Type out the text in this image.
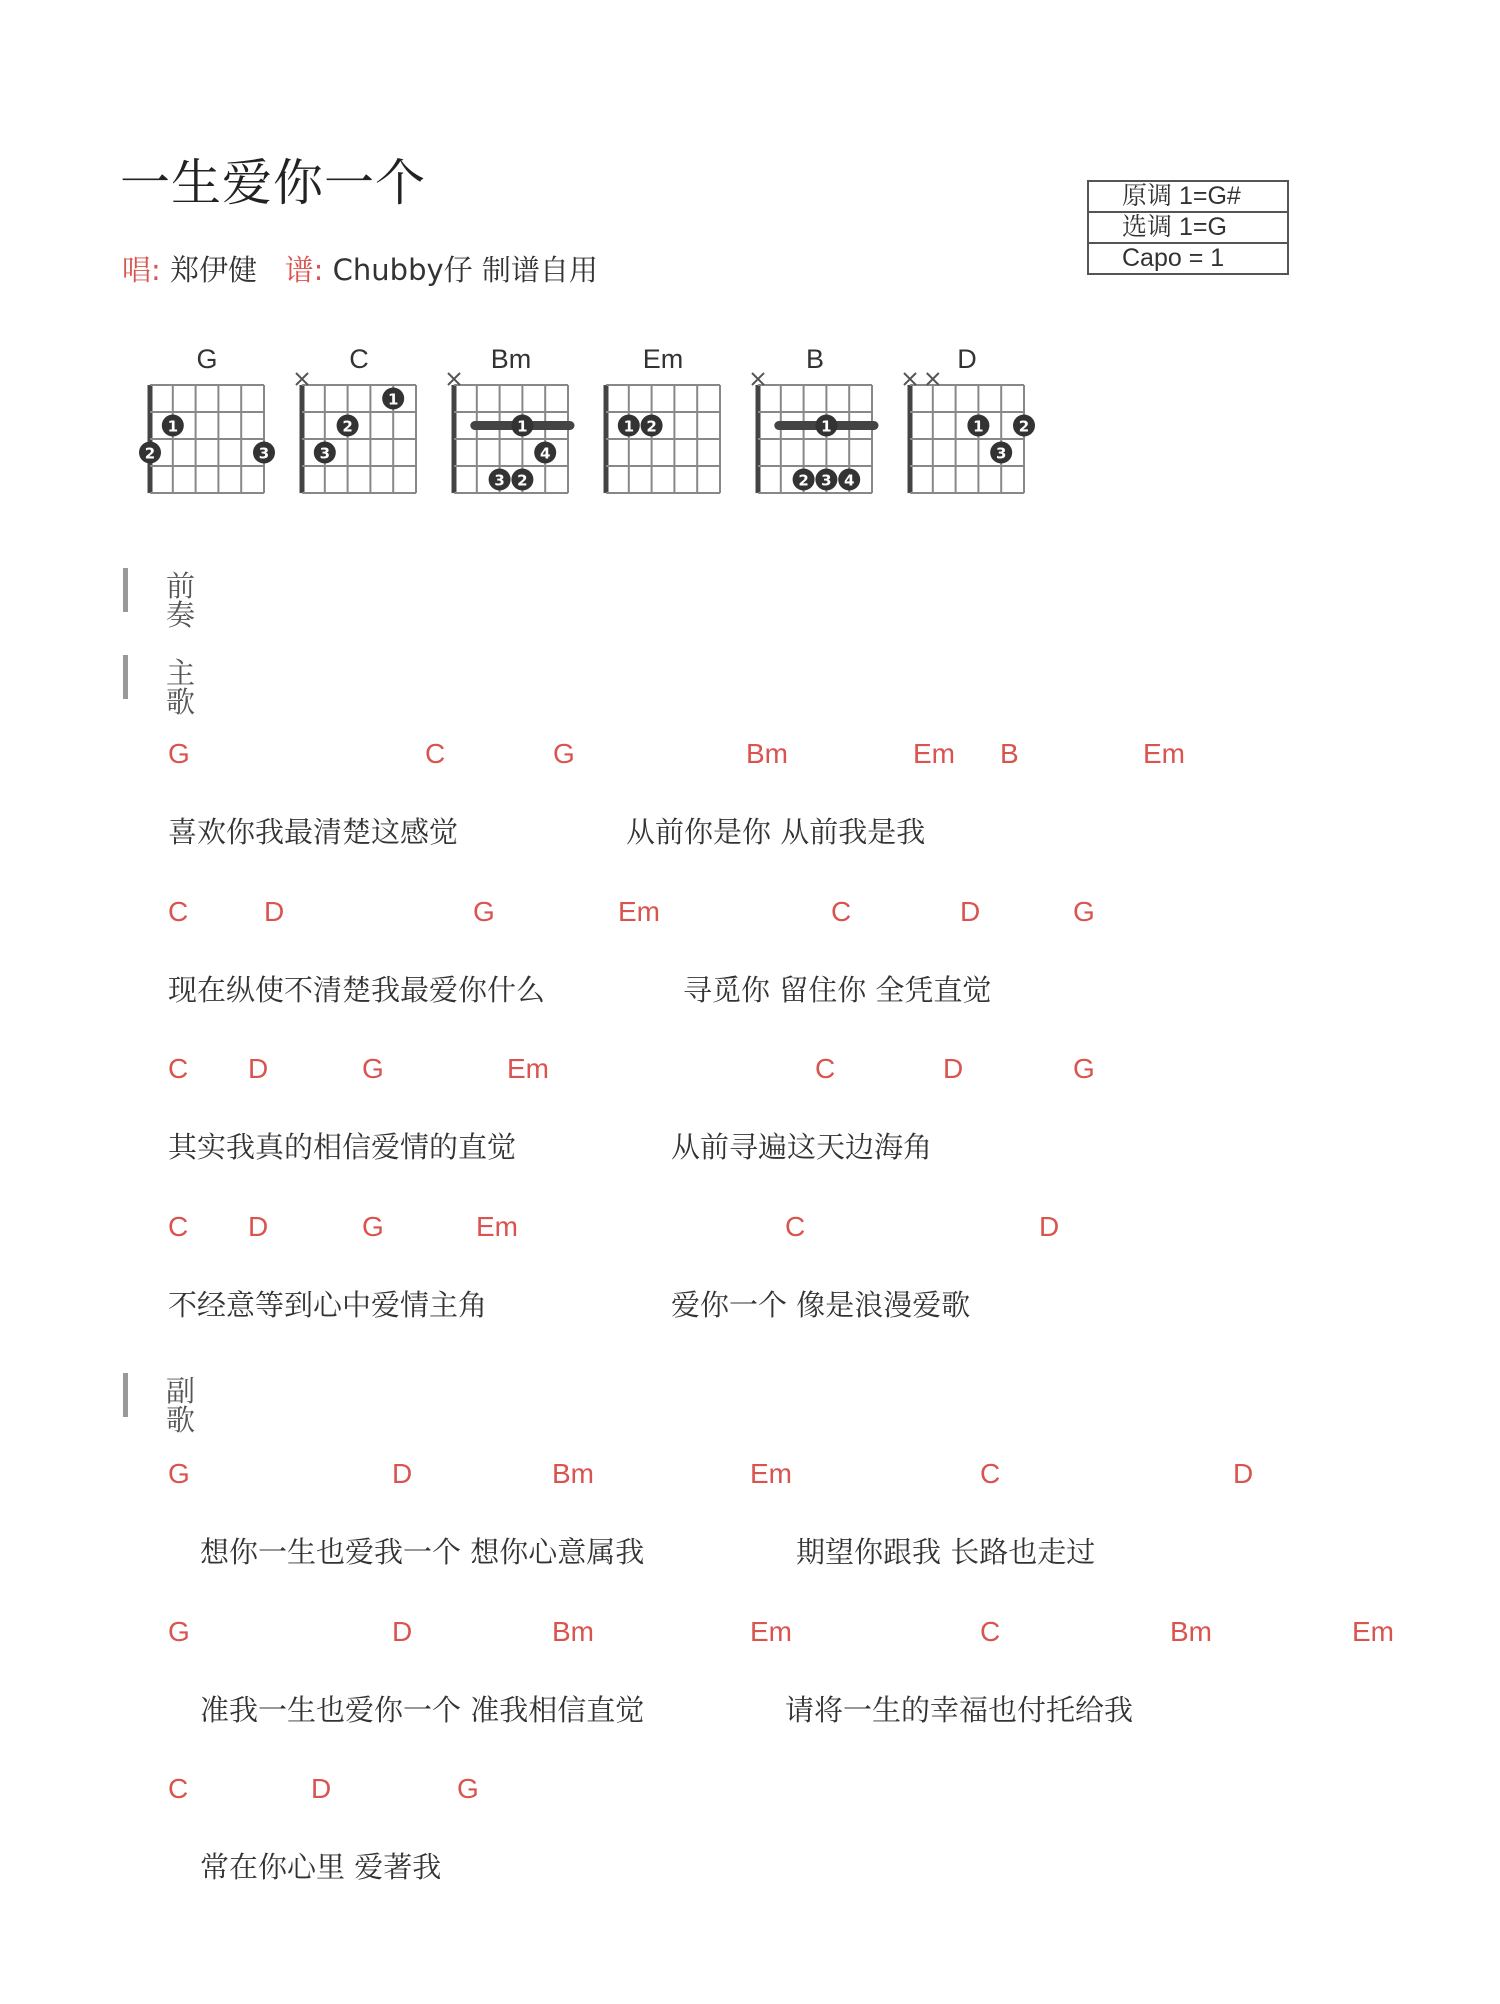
一生爱你一个
唱: 郑伊健 谱: Chubby仔 制谱自用
原调 1=G#
选调 1=G
Capo = 1
G
1
2	3
C
1
2
3
Bm
1
4
3 2
Em
1 2
B
1
2 3 4
D
1 2
3
前奏
主歌
副歌
G	C	G	Bm	Em B	Em
喜欢你我最清楚这感觉	从前你是你 从前我是我
C	D	G	Em	C	D	G
现在纵使不清楚我最爱你什么	寻觅你 留住你 全凭直觉
C D	G	Em	C	D	G
其实我真的相信爱情的直觉	从前寻遍这天边海角
C D	G	Em	C	D
不经意等到心中爱情主角	爱你一个 像是浪漫爱歌
G	D	Bm	Em	C	D
想你一生也爱我一个 想你心意属我	期望你跟我 长路也走过
G	D	Bm	Em	C	Bm	Em
准我一生也爱你一个 准我相信直觉	请将一生的幸福也付托给我
C	D	G
常在你心里 爱著我
